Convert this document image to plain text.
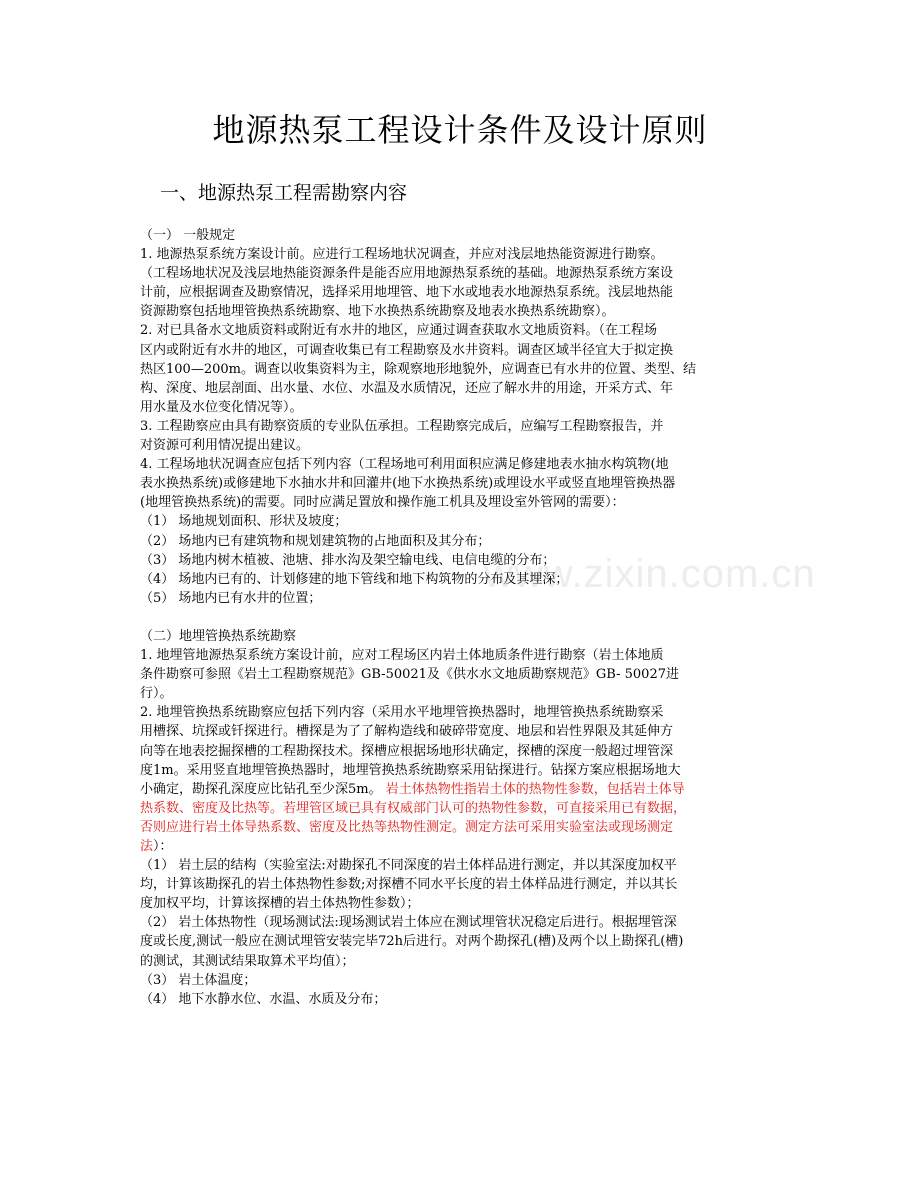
www.zixin.com.cn
地源热泵工程设计条件及设计原则
一、地源热泵工程需勘察内容
（一） 一般规定
1. 地源热泵系统方案设计前。应进行工程场地状况调查，并应对浅层地热能资源进行勘察。
（工程场地状况及浅层地热能资源条件是能否应用地源热泵系统的基础。地源热泵系统方案设
计前，应根据调查及勘察情况，选择采用地埋管、地下水或地表水地源热泵系统。浅层地热能
资源勘察包括地埋管换热系统勘察、地下水换热系统勘察及地表水换热系统勘察）。
2. 对已具备水文地质资料或附近有水井的地区，应通过调查获取水文地质资料。（在工程场
区内或附近有水井的地区，可调查收集已有工程勘察及水井资料。调查区域半径宜大于拟定换
热区100—200m。调查以收集资料为主，除观察地形地貌外，应调查已有水井的位置、类型、结
构、深度、地层剖面、出水量、水位、水温及水质情况，还应了解水井的用途，开采方式、年
用水量及水位变化情况等）。
3. 工程勘察应由具有勘察资质的专业队伍承担。工程勘察完成后，应编写工程勘察报告，并
对资源可利用情况提出建议。
4. 工程场地状况调查应包括下列内容（工程场地可利用面积应满足修建地表水抽水构筑物(地
表水换热系统)或修建地下水抽水井和回灌井(地下水换热系统)或埋设水平或竖直地埋管换热器
(地埋管换热系统)的需要。同时应满足置放和操作施工机具及埋设室外管网的需要）：
（1） 场地规划面积、形状及坡度；
（2） 场地内已有建筑物和规划建筑物的占地面积及其分布；
（3） 场地内树木植被、池塘、排水沟及架空输电线、电信电缆的分布；
（4） 场地内已有的、计划修建的地下管线和地下构筑物的分布及其埋深；
（5） 场地内已有水井的位置；
（二）地埋管换热系统勘察
1. 地埋管地源热泵系统方案设计前，应对工程场区内岩土体地质条件进行勘察（岩土体地质
条件勘察可参照《岩土工程勘察规范》GB-50021及《供水水文地质勘察规范》GB- 50027进
行）。
2. 地埋管换热系统勘察应包括下列内容（采用水平地埋管换热器时，地埋管换热系统勘察采
用槽探、坑探或钎探进行。槽探是为了了解构造线和破碎带宽度、地层和岩性界限及其延伸方
向等在地表挖掘探槽的工程勘探技术。探槽应根据场地形状确定，探槽的深度一般超过埋管深
度1m。采用竖直地埋管换热器时，地埋管换热系统勘察采用钻探进行。钻探方案应根据场地大
小确定，勘探孔深度应比钻孔至少深5m。 岩土体热物性指岩土体的热物性参数，包括岩土体导
热系数、密度及比热等。若埋管区域已具有权威部门认可的热物性参数，可直接采用已有数据，
否则应进行岩土体导热系数、密度及比热等热物性测定。测定方法可采用实验室法或现场测定
法）：
（1） 岩土层的结构（实验室法:对勘探孔不同深度的岩土体样品进行测定，并以其深度加权平
均，计算该勘探孔的岩土体热物性参数;对探槽不同水平长度的岩土体样品进行测定，并以其长
度加权平均，计算该探槽的岩土体热物性参数）；
（2） 岩土体热物性（现场测试法:现场测试岩土体应在测试埋管状况稳定后进行。根据埋管深
度或长度,测试一般应在测试埋管安装完毕72h后进行。对两个勘探孔(槽)及两个以上勘探孔(槽)
的测试，其测试结果取算术平均值）；
（3） 岩土体温度；
（4） 地下水静水位、水温、水质及分布；
